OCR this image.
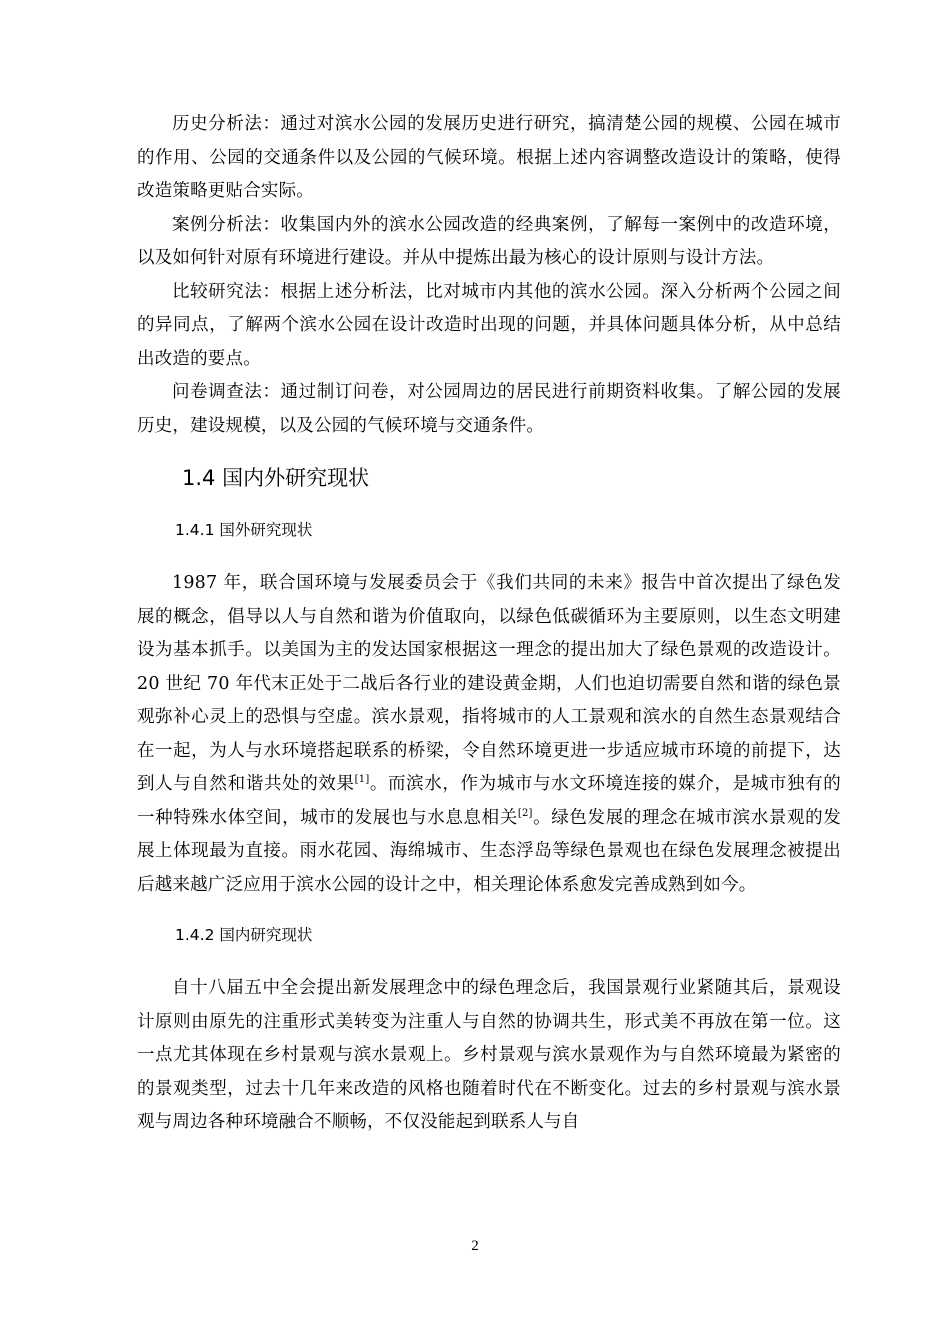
历史分析法：通过对滨水公园的发展历史进行研究，搞清楚公园的规模、公园在城市的作用、公园的交通条件以及公园的气候环境。根据上述内容调整改造设计的策略，使得改造策略更贴合实际。

案例分析法：收集国内外的滨水公园改造的经典案例，了解每一案例中的改造环境，以及如何针对原有环境进行建设。并从中提炼出最为核心的设计原则与设计方法。

比较研究法：根据上述分析法，比对城市内其他的滨水公园。深入分析两个公园之间的异同点，了解两个滨水公园在设计改造时出现的问题，并具体问题具体分析，从中总结出改造的要点。

问卷调查法：通过制订问卷，对公园周边的居民进行前期资料收集。了解公园的发展历史，建设规模，以及公园的气候环境与交通条件。

1.4 国内外研究现状
1.4.1 国外研究现状

1987 年，联合国环境与发展委员会于《我们共同的未来》报告中首次提出了绿色发展的概念，倡导以人与自然和谐为价值取向，以绿色低碳循环为主要原则，以生态文明建设为基本抓手。以美国为主的发达国家根据这一理念的提出加大了绿色景观的改造设计。20 世纪 70 年代末正处于二战后各行业的建设黄金期，人们也迫切需要自然和谐的绿色景观弥补心灵上的恐惧与空虚。滨水景观，指将城市的人工景观和滨水的自然生态景观结合在一起，为人与水环境搭起联系的桥梁，令自然环境更进一步适应城市环境的前提下，达到人与自然和谐共处的效果[1]。而滨水，作为城市与水文环境连接的媒介，是城市独有的一种特殊水体空间，城市的发展也与水息息相关[2]。绿色发展的理念在城市滨水景观的发展上体现最为直接。雨水花园、海绵城市、生态浮岛等绿色景观也在绿色发展理念被提出后越来越广泛应用于滨水公园的设计之中，相关理论体系愈发完善成熟到如今。

1.4.2 国内研究现状

自十八届五中全会提出新发展理念中的绿色理念后，我国景观行业紧随其后，景观设计原则由原先的注重形式美转变为注重人与自然的协调共生，形式美不再放在第一位。这一点尤其体现在乡村景观与滨水景观上。乡村景观与滨水景观作为与自然环境最为紧密的的景观类型，过去十几年来改造的风格也随着时代在不断变化。过去的乡村景观与滨水景观与周边各种环境融合不顺畅，不仅没能起到联系人与自

2
